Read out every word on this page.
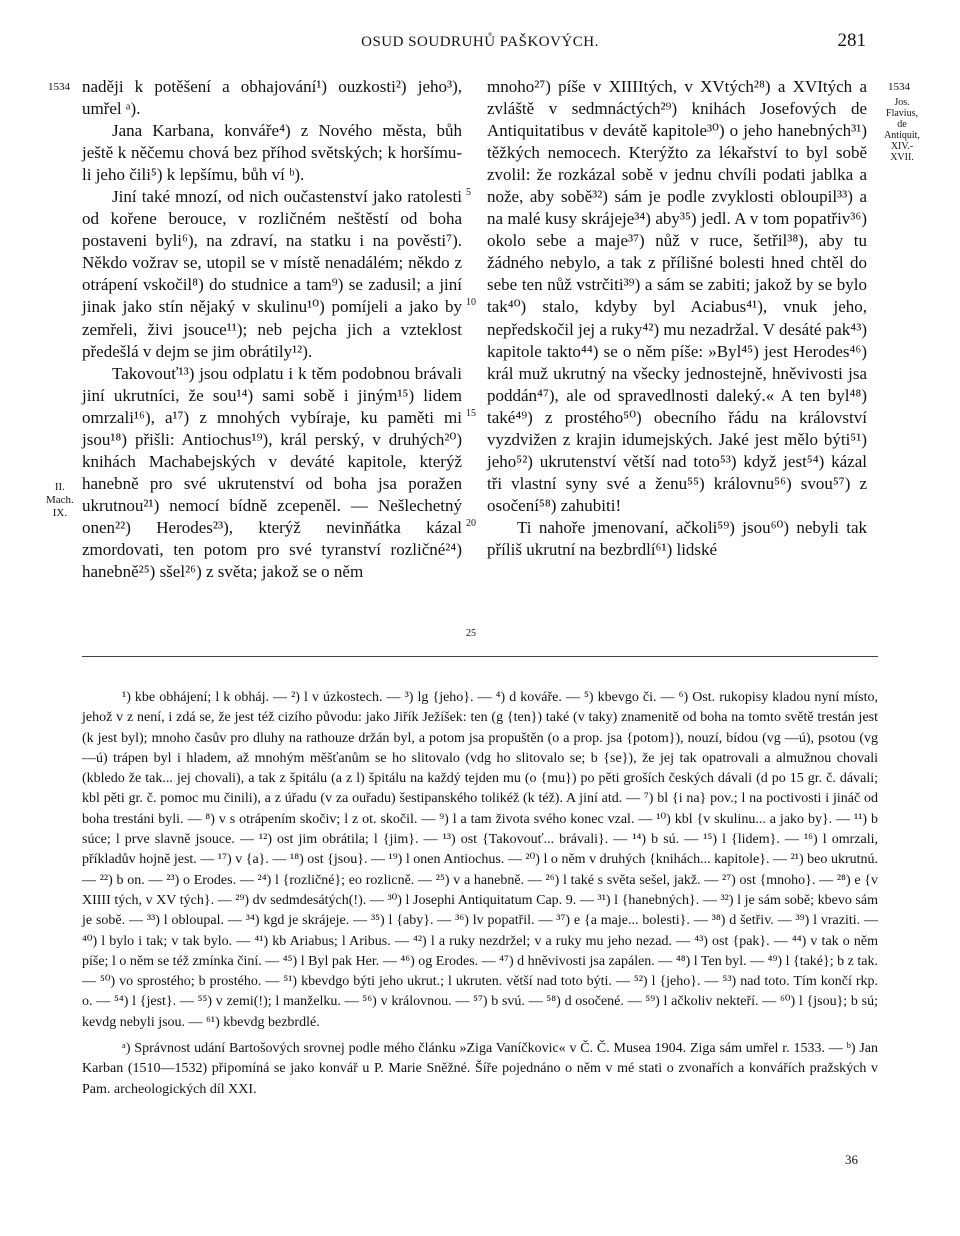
OSUD SOUDRUHŮ PAŠKOVÝCH.	281
1534	1534
II.
Mach.
IX.
Jos.
Flavius,
de
Antiquit,
XIV.-
XVII.
5
10
15
20
25

naději k potěšení a obhajování¹) ouzkosti²) jeho³), umřel ᵃ).

Jana Karbana, konváře⁴) z Nového města, bůh ještě k něčemu chová bez příhod světských; k horšímu-li jeho čili⁵) k lepšímu, bůh ví ᵇ).

Jiní také mnozí, od nich oučastenství jako ratolesti od kořene berouce, v rozličném neštěstí od boha postaveni byli⁶), na zdraví, na statku i na pověsti⁷). Někdo vožrav se, utopil se v místě nenadálém; někdo z otrápení vskočil⁸) do studnice a tam⁹) se zadusil; a jiní jinak jako stín nějaký v skulinu¹⁰) pomíjeli a jako by zemřeli, živi jsouce¹¹); neb pejcha jich a vzteklost předešlá v dejm se jim obrátily¹²).

Takovouť¹³) jsou odplatu i k těm podobnou brávali jiní ukrutníci, že sou¹⁴) sami sobě i jiným¹⁵) lidem omrzali¹⁶), a¹⁷) z mnohých vybíraje, ku paměti mi jsou¹⁸) přišli: Antiochus¹⁹), král perský, v druhých²⁰) knihách Machabejských v deváté kapitole, kterýž hanebně pro své ukrutenství od boha jsa poražen ukrutnou²¹) nemocí bídně zcepeněl. — Nešlechetný onen²²) Herodes²³), kterýž nevinňátka kázal zmordovati, ten potom pro své tyranství rozličné²⁴) hanebně²⁵) sšel²⁶) z světa; jakož se o něm

mnoho²⁷) píše v XIIIItých, v XVtých²⁸) a XVItých a zvláště v sedmnáctých²⁹) knihách Josefových de Antiquitatibus v devátě kapitole³⁰) o jeho hanebných³¹) těžkých nemocech. Kterýžto za lékařství to byl sobě zvolil: že rozkázal sobě v jednu chvíli podati jablka a nože, aby sobě³²) sám je podle zvyklosti obloupil³³) a na malé kusy skrájeje³⁴) aby³⁵) jedl. A v tom popatřiv³⁶) okolo sebe a maje³⁷) nůž v ruce, šetřil³⁸), aby tu žádného nebylo, a tak z přílišné bolesti hned chtěl do sebe ten nůž vstrčiti³⁹) a sám se zabiti; jakož by se bylo tak⁴⁰) stalo, kdyby byl Aciabus⁴¹), vnuk jeho, nepředskočil jej a ruky⁴²) mu nezadržal. V desáté pak⁴³) kapitole takto⁴⁴) se o něm píše: »Byl⁴⁵) jest Herodes⁴⁶) král muž ukrutný na všecky jednostejně, hněvivosti jsa poddán⁴⁷), ale od spravedlnosti daleký.« A ten byl⁴⁸) také⁴⁹) z prostého⁵⁰) obecního řádu na království vyzdvižen z krajin idumejských. Jaké jest mělo býti⁵¹) jeho⁵²) ukrutenství větší nad toto⁵³) když jest⁵⁴) kázal tři vlastní syny své a ženu⁵⁵) královnu⁵⁶) svou⁵⁷) z osočení⁵⁸) zahubiti!

Ti nahoře jmenovaní, ačkoli⁵⁹) jsou⁶⁰) nebyli tak příliš ukrutní na bezbrdlí⁶¹) lidské

¹) kbe obhájení; l k obháj. — ²) l v úzkostech. — ³) lg {jeho}. — ⁴) d kováře. — ⁵) kbevgo či. — ⁶) Ost. rukopisy kladou nyní místo, jehož v z není, i zdá se, že jest též cizího původu: jako Jiřík Ježíšek: ten (g {ten}) také (v taky) znamenitě od boha na tomto světě trestán jest (k jest byl); mnoho časův pro dluhy na rathouze držán byl, a potom jsa propuštěn (o a prop. jsa {potom}), nouzí, bídou (vg —ú), psotou (vg —ú) trápen byl i hladem, až mnohým měšťanům se ho slitovalo (vdg ho slitovalo se; b {se}), že jej tak opatrovali a almužnou chovali (kbledo že tak... jej chovali), a tak z špitálu (a z l) špitálu na každý tejden mu (o {mu}) po pěti groších českých dávali (d po 15 gr. č. dávali; kbl pěti gr. č. pomoc mu činili), a z úřadu (v za ouřadu) šestipanského tolikéž (k též). A jiní atd. — ⁷) bl {i na} pov.; l na poctivosti i jináč od boha trestáni byli. — ⁸) v s otrápením skočiv; l z ot. skočil. — ⁹) l a tam života svého konec vzal. — ¹⁰) kbl {v skulinu... a jako by}. — ¹¹) b súce; l prve slavně jsouce. — ¹²) ost jim obrátila; l {jim}. — ¹³) ost {Takovouť... brávali}. — ¹⁴) b sú. — ¹⁵) l {lidem}. — ¹⁶) l omrzali, příkladův hojně jest. — ¹⁷) v {a}. — ¹⁸) ost {jsou}. — ¹⁹) l onen Antiochus. — ²⁰) l o něm v druhých {knihách... kapitole}. — ²¹) beo ukrutnú. — ²²) b on. — ²³) o Erodes. — ²⁴) l {rozličné}; eo rozlicně. — ²⁵) v a hanebně. — ²⁶) l také s světa sešel, jakž. — ²⁷) ost {mnoho}. — ²⁸) e {v XIIII tých, v XV tých}. — ²⁹) dv sedmdesátých(!). — ³⁰) l Josephi Antiquitatum Cap. 9. — ³¹) l {hanebných}. — ³²) l je sám sobě; kbevo sám je sobě. — ³³) l obloupal. — ³⁴) kgd je skrájeje. — ³⁵) l {aby}. — ³⁶) lv popatřil. — ³⁷) e {a maje... bolesti}. — ³⁸) d šetřiv. — ³⁹) l vraziti. — ⁴⁰) l bylo i tak; v tak bylo. — ⁴¹) kb Ariabus; l Aribus. — ⁴²) l a ruky nezdržel; v a ruky mu jeho nezad. — ⁴³) ost {pak}. — ⁴⁴) v tak o něm píše; l o něm se též zmínka činí. — ⁴⁵) l Byl pak Her. — ⁴⁶) og Erodes. — ⁴⁷) d hněvivosti jsa zapálen. — ⁴⁸) l Ten byl. — ⁴⁹) l {také}; b z tak. — ⁵⁰) vo sprostého; b prostého. — ⁵¹) kbevdgo býti jeho ukrut.; l ukruten. větší nad toto býti. — ⁵²) l {jeho}. — ⁵³) nad toto. Tím končí rkp. o. — ⁵⁴) l {jest}. — ⁵⁵) v zemi(!); l manželku. — ⁵⁶) v královnou. — ⁵⁷) b svú. — ⁵⁸) d osočené. — ⁵⁹) l ačkoliv nekteří. — ⁶⁰) l {jsou}; b sú; kevdg nebyli jsou. — ⁶¹) kbevdg bezbrdlé.

ᵃ) Správnost udání Bartošových srovnej podle mého článku »Ziga Vaníčkovic« v Č. Č. Musea 1904. Ziga sám umřel r. 1533. — ᵇ) Jan Karban (1510—1532) připomíná se jako konvář u P. Marie Sněžné. Šíře pojednáno o něm v mé stati o zvonařích a konvářích pražských v Pam. archeologických díl XXI.

36
